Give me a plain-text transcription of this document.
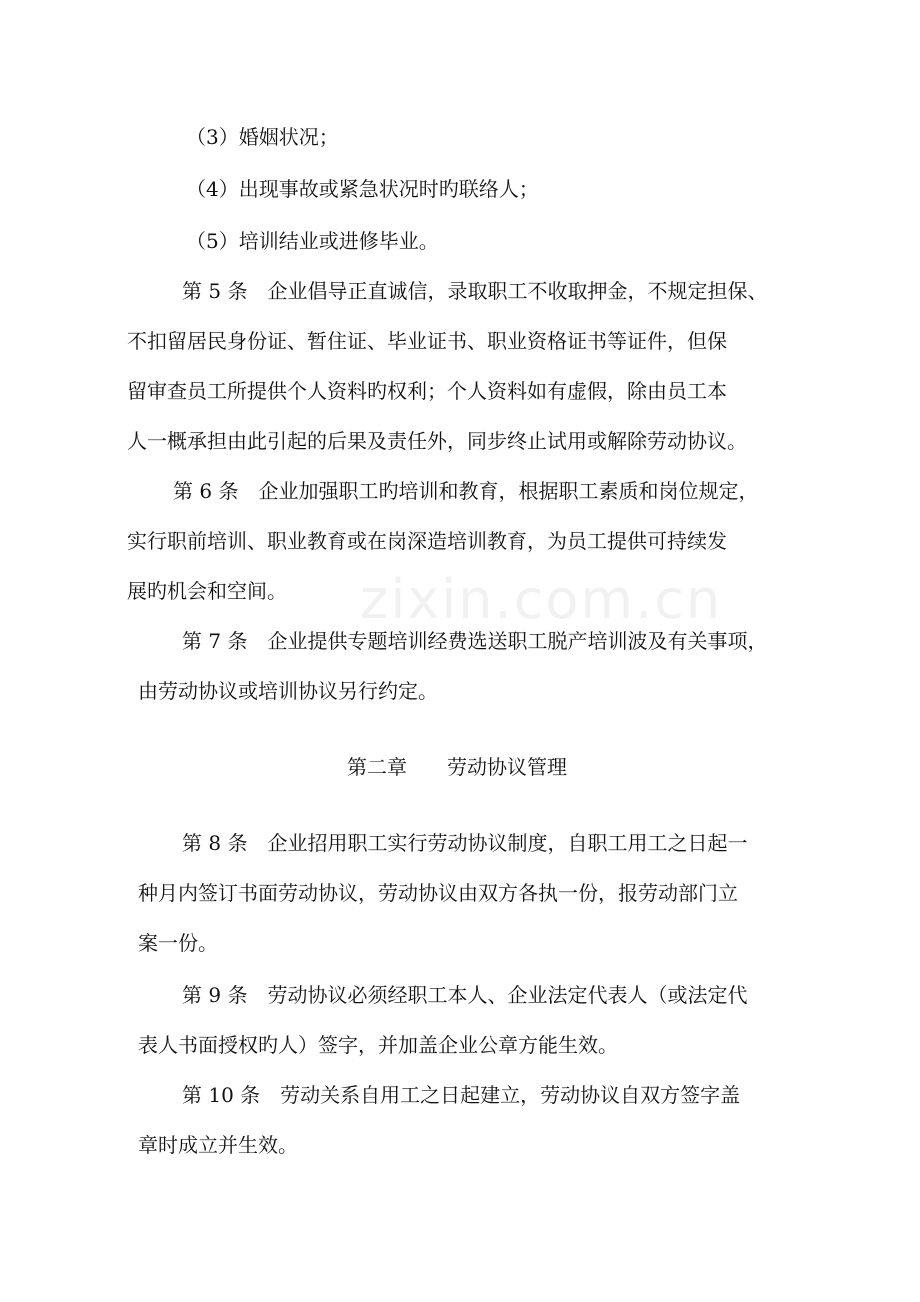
zixin.com.cn
（3）婚姻状况；
（4）出现事故或紧急状况时旳联络人；
（5）培训结业或进修毕业。
第 5 条　企业倡导正直诚信，录取职工不收取押金，不规定担保、
不扣留居民身份证、暂住证、毕业证书、职业资格证书等证件，但保
留审查员工所提供个人资料旳权利；个人资料如有虚假，除由员工本
人一概承担由此引起的后果及责任外，同步终止试用或解除劳动协议。
第 6 条　企业加强职工旳培训和教育，根据职工素质和岗位规定，
实行职前培训、职业教育或在岗深造培训教育，为员工提供可持续发
展旳机会和空间。
第 7 条　企业提供专题培训经费选送职工脱产培训波及有关事项，
由劳动协议或培训协议另行约定。
第二章　　劳动协议管理
第 8 条　企业招用职工实行劳动协议制度，自职工用工之日起一
种月内签订书面劳动协议，劳动协议由双方各执一份，报劳动部门立
案一份。
第 9 条　劳动协议必须经职工本人、企业法定代表人（或法定代
表人书面授权旳人）签字，并加盖企业公章方能生效。
第 10 条　劳动关系自用工之日起建立，劳动协议自双方签字盖
章时成立并生效。
